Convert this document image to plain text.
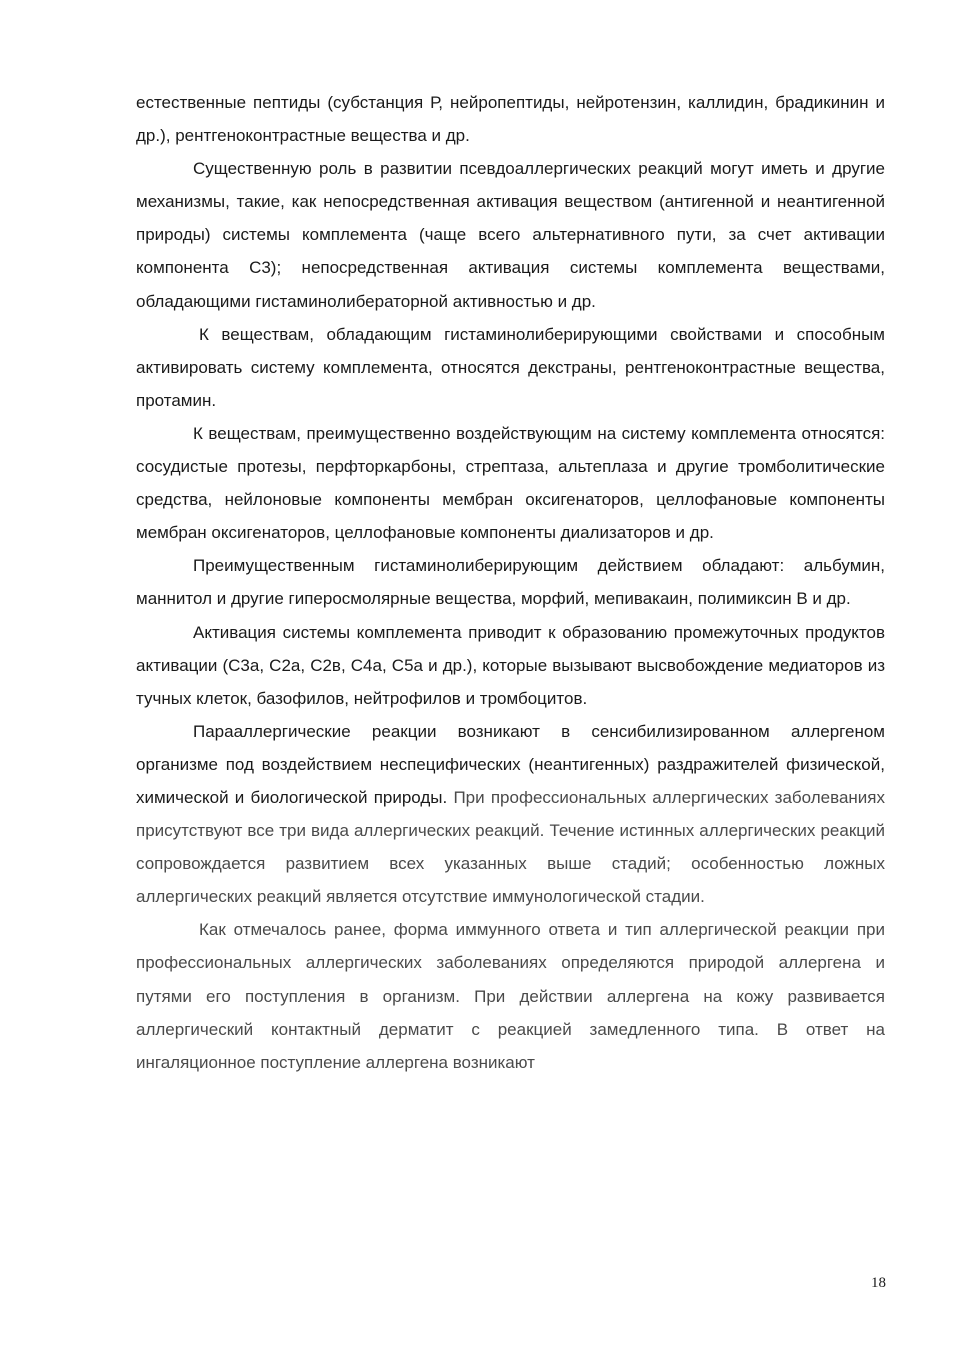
естественные пептиды (субстанция Р, нейропептиды, нейротензин, каллидин, брадикинин и др.), рентгеноконтрастные вещества и др.

Существенную роль в развитии псевдоаллергических реакций могут иметь и другие механизмы, такие, как непосредственная активация веществом (антигенной и неантигенной природы) системы комплемента (чаще всего альтернативного пути, за счет активации компонента С3); непосредственная активация системы комплемента веществами, обладающими гистаминолибераторной активностью и др.

К веществам, обладающим гистаминолиберирующими свойствами и способным активировать систему комплемента, относятся декстраны, рентгеноконтрастные вещества, протамин.

К веществам, преимущественно воздействующим на систему комплемента относятся: сосудистые протезы, перфторкарбоны, стрептаза, альтеплаза и другие тромболитические средства, нейлоновые компоненты мембран оксигенаторов, целлофановые компоненты мембран оксигенаторов, целлофановые компоненты диализаторов и др.

Преимущественным гистаминолиберирующим действием обладают: альбумин, маннитол и другие гиперосмолярные вещества, морфий, мепивакаин, полимиксин В и др.

Активация системы комплемента приводит к образованию промежуточных продуктов активации (С3а, С2а, С2в, С4а, С5а и др.), которые вызывают высвобождение медиаторов из тучных клеток, базофилов, нейтрофилов и тромбоцитов.

Парааллергические реакции возникают в сенсибилизированном аллергеном организме под воздействием неспецифических (неантигенных) раздражителей физической, химической и биологической природы. При профессиональных аллергических заболеваниях присутствуют все три вида аллергических реакций. Течение истинных аллергических реакций сопровождается развитием всех указанных выше стадий; особенностью ложных аллергических реакций является отсутствие иммунологической стадии.

Как отмечалось ранее, форма иммунного ответа и тип аллергической реакции при профессиональных аллергических заболеваниях определяются природой аллергена и путями его поступления в организм. При действии аллергена на кожу развивается аллергический контактный дерматит с реакцией замедленного типа. В ответ на ингаляционное поступление аллергена возникают

18
